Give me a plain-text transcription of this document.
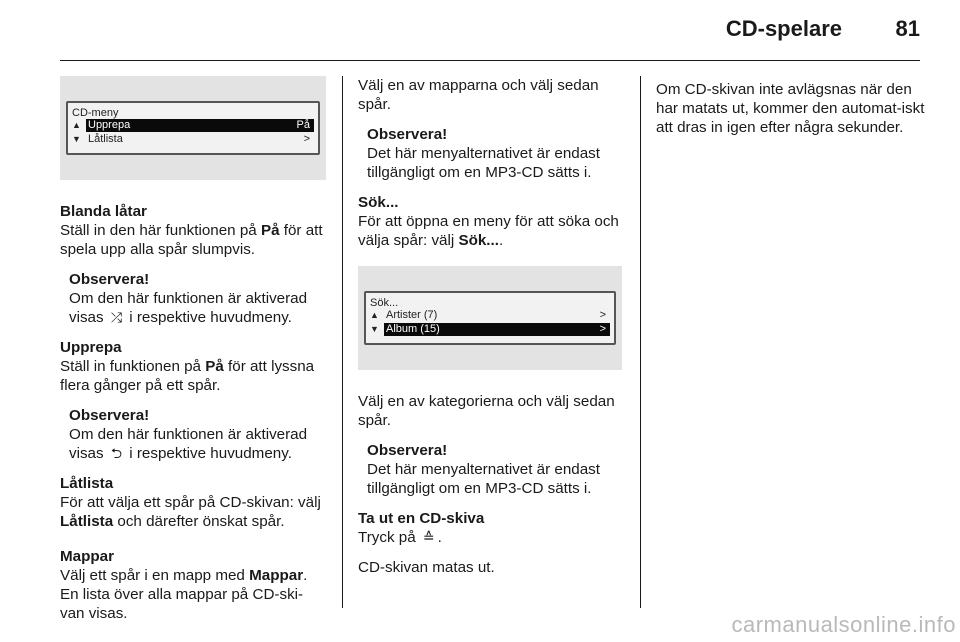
CD-spelare 81
CD-meny
▲ Upprepa	På
▼ Låtlista	>

Blanda låtar
Ställ in den här funktionen på På för att spela upp alla spår slumpvis.

Observera!
Om den här funktionen är aktiverad visas ⤮ i respektive huvudmeny.

Upprepa
Ställ in funktionen på På för att lyssna flera gånger på ett spår.

Observera!
Om den här funktionen är aktiverad visas ⮌ i respektive huvudmeny.

Låtlista
För att välja ett spår på CD-skivan: välj Låtlista och därefter önskat spår.

Mappar
Välj ett spår i en mapp med Mappar. En lista över alla mappar på CD-ski-van visas.

Välj en av mapparna och välj sedan spår.

Observera!
Det här menyalternativet är endast tillgängligt om en MP3-CD sätts i.

Sök...
För att öppna en meny för att söka och välja spår: välj Sök....

Sök...
▲ Artister (7)	>
▼ Album (15)	>

Välj en av kategorierna och välj sedan spår.

Observera!
Det här menyalternativet är endast tillgängligt om en MP3-CD sätts i.

Ta ut en CD-skiva
Tryck på ≙ .

CD-skivan matas ut.

Om CD-skivan inte avlägsnas när den har matats ut, kommer den automat-iskt att dras in igen efter några sekunder.

carmanualsonline.info
